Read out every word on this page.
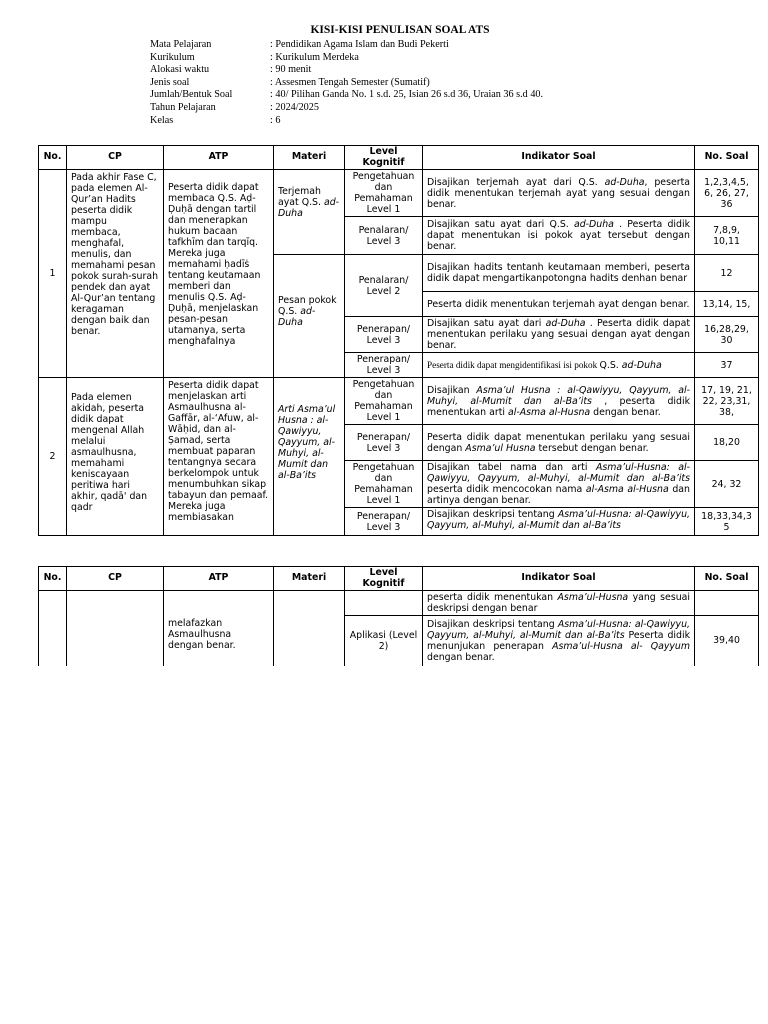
KISI-KISI PENULISAN SOAL ATS
Mata Pelajaran	: Pendidikan Agama Islam dan Budi Pekerti
Kurikulum	: Kurikulum Merdeka
Alokasi waktu	: 90 menit
Jenis soal	: Assesmen Tengah Semester (Sumatif)
Jumlah/Bentuk Soal	: 40/ Pilihan Ganda No. 1 s.d. 25, Isian 26 s.d 36, Uraian 36 s.d 40.
Tahun Pelajaran	: 2024/2025
Kelas	: 6
No.	CP	ATP	Materi	Level Kognitif	Indikator Soal	No. Soal
1	Pada akhir Fase C, pada elemen Al-Qur’an Hadits peserta didik mampu membaca, menghafal, menulis, dan memahami pesan pokok surah-surah pendek dan ayat Al-Qur’an tentang keragaman dengan baik dan benar.	Peserta didik dapat membaca Q.S. Aḍ-Ḍuḥā dengan tartil dan menerapkan hukum bacaan tafkhīm dan tarqīq. Mereka juga memahami ḥadīṡ tentang keutamaan memberi dan menulis Q.S. Aḍ-Ḍuḥā, menjelaskan pesan-pesan utamanya, serta menghafalnya	Terjemah ayat Q.S. ad-Duha	Pengetahuan dan Pemahaman Level 1	Disajikan terjemah ayat dari Q.S. ad-Duha, peserta didik menentukan terjemah ayat yang sesuai dengan benar.	1,2,3,4,5, 6, 26, 27, 36
				Penalaran/ Level 3	Disajikan satu ayat dari Q.S. ad-Duha . Peserta didik dapat menentukan isi pokok ayat tersebut dengan benar.	7,8,9, 10,11
			Pesan pokok Q.S. ad-Duha	Penalaran/ Level 2	Disajikan hadits tentanh keutamaan memberi, peserta didik dapat mengartikanpotongna hadits denhan benar	12
					Peserta didik menentukan terjemah ayat dengan benar.	13,14, 15,
				Penerapan/ Level 3	Disajikan satu ayat dari ad-Duha . Peserta didik dapat menentukan perilaku yang sesuai dengan ayat dengan benar.	16,28,29, 30
				Penerapan/ Level 3	Peserta didik dapat mengidentifikasi isi pokok Q.S. ad-Duha	37
2	Pada elemen akidah, peserta didik dapat mengenal Allah melalui asmaulhusna, memahami keniscayaan peritiwa hari akhir, qadā' dan qadr	Peserta didik dapat menjelaskan arti Asmaulhusna al-Gaffār, al-‘Afuw, al-Wāḥid, dan al-Ṣamad, serta membuat paparan tentangnya secara berkelompok untuk menumbuhkan sikap tabayun dan pemaaf. Mereka juga membiasakan	Arti Asma’ul Husna : al-Qawiyyu, Qayyum, al-Muhyi, al-Mumit dan al-Ba’its	Pengetahuan dan Pemahaman Level 1	Disajikan Asma’ul Husna : al-Qawiyyu, Qayyum, al-Muhyi, al-Mumit dan al-Ba’its , peserta didik menentukan arti al-Asma al-Husna dengan benar.	17, 19, 21, 22, 23,31, 38,
				Penerapan/ Level 3	Peserta didik dapat menentukan perilaku yang sesuai dengan Asma’ul Husna tersebut dengan benar.	18,20
				Pengetahuan dan Pemahaman Level 1	Disajikan tabel nama dan arti Asma’ul-Husna: al-Qawiyyu, Qayyum, al-Muhyi, al-Mumit dan al-Ba’its peserta didik mencocokan nama al-Asma al-Husna dan artinya dengan benar.	24, 32
				Penerapan/ Level 3	Disajikan deskripsi tentang Asma’ul-Husna: al-Qawiyyu, Qayyum, al-Muhyi, al-Mumit dan al-Ba’its	18,33,34,35
No.	CP	ATP	Materi	Level Kognitif	Indikator Soal	No. Soal
		melafazkan Asmaulhusna dengan benar.			peserta didik menentukan Asma’ul-Husna yang sesuai deskripsi dengan benar	
				Aplikasi (Level 2)	Disajikan deskripsi tentang Asma’ul-Husna: al-Qawiyyu, Qayyum, al-Muhyi, al-Mumit dan al-Ba’its Peserta didik menunjukan penerapan Asma’ul-Husna al- Qayyum dengan benar.	39,40
